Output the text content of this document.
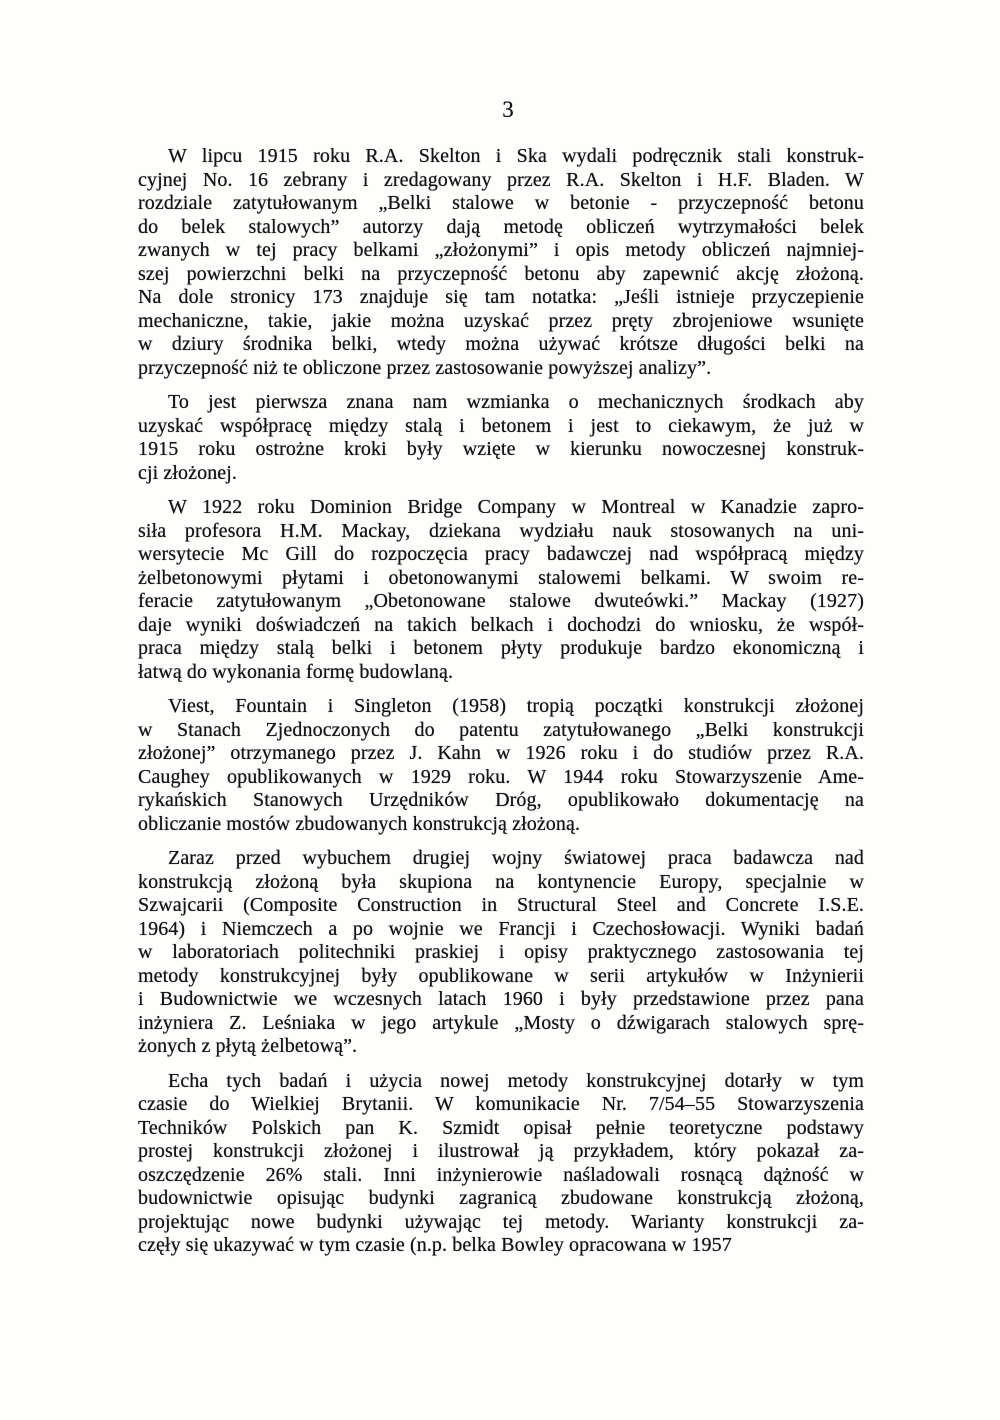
3
W lipcu 1915 roku R.A. Skelton i Ska wydali podręcznik stali konstruk-
cyjnej No. 16 zebrany i zredagowany przez R.A. Skelton i H.F. Bladen. W
rozdziale zatytułowanym „Belki stalowe w betonie - przyczepność betonu
do belek stalowych” autorzy dają metodę obliczeń wytrzymałości belek
zwanych w tej pracy belkami „złożonymi” i opis metody obliczeń najmniej-
szej powierzchni belki na przyczepność betonu aby zapewnić akcję złożoną.
Na dole stronicy 173 znajduje się tam notatka: „Jeśli istnieje przyczepienie
mechaniczne, takie, jakie można uzyskać przez pręty zbrojeniowe wsunięte
w dziury środnika belki, wtedy można używać krótsze długości belki na
przyczepność niż te obliczone przez zastosowanie powyższej analizy”.
To jest pierwsza znana nam wzmianka o mechanicznych środkach aby
uzyskać współpracę między stalą i betonem i jest to ciekawym, że już w
1915 roku ostrożne kroki były wzięte w kierunku nowoczesnej konstruk-
cji złożonej.
W 1922 roku Dominion Bridge Company w Montreal w Kanadzie zapro-
siła profesora H.M. Mackay, dziekana wydziału nauk stosowanych na uni-
wersytecie Mc Gill do rozpoczęcia pracy badawczej nad współpracą między
żelbetonowymi płytami i obetonowanymi stalowemi belkami. W swoim re-
feracie zatytułowanym „Obetonowane stalowe dwuteówki.” Mackay (1927)
daje wyniki doświadczeń na takich belkach i dochodzi do wniosku, że współ-
praca między stalą belki i betonem płyty produkuje bardzo ekonomiczną i
łatwą do wykonania formę budowlaną.
Viest, Fountain i Singleton (1958) tropią początki konstrukcji złożonej
w Stanach Zjednoczonych do patentu zatytułowanego „Belki konstrukcji
złożonej” otrzymanego przez J. Kahn w 1926 roku i do studiów przez R.A.
Caughey opublikowanych w 1929 roku. W 1944 roku Stowarzyszenie Ame-
rykańskich Stanowych Urzędników Dróg, opublikowało dokumentację na
obliczanie mostów zbudowanych konstrukcją złożoną.
Zaraz przed wybuchem drugiej wojny światowej praca badawcza nad
konstrukcją złożoną była skupiona na kontynencie Europy, specjalnie w
Szwajcarii (Composite Construction in Structural Steel and Concrete I.S.E.
1964) i Niemczech a po wojnie we Francji i Czechosłowacji. Wyniki badań
w laboratoriach politechniki praskiej i opisy praktycznego zastosowania tej
metody konstrukcyjnej były opublikowane w serii artykułów w Inżynierii
i Budownictwie we wczesnych latach 1960 i były przedstawione przez pana
inżyniera Z. Leśniaka w jego artykule „Mosty o dźwigarach stalowych sprę-
żonych z płytą żelbetową”.
Echa tych badań i użycia nowej metody konstrukcyjnej dotarły w tym
czasie do Wielkiej Brytanii. W komunikacie Nr. 7/54–55 Stowarzyszenia
Techników Polskich pan K. Szmidt opisał pełnie teoretyczne podstawy
prostej konstrukcji złożonej i ilustrował ją przykładem, który pokazał za-
oszczędzenie 26% stali. Inni inżynierowie naśladowali rosnącą dążność w
budownictwie opisując budynki zagranicą zbudowane konstrukcją złożoną,
projektując nowe budynki używając tej metody. Warianty konstrukcji za-
częły się ukazywać w tym czasie (n.p. belka Bowley opracowana w 1957
